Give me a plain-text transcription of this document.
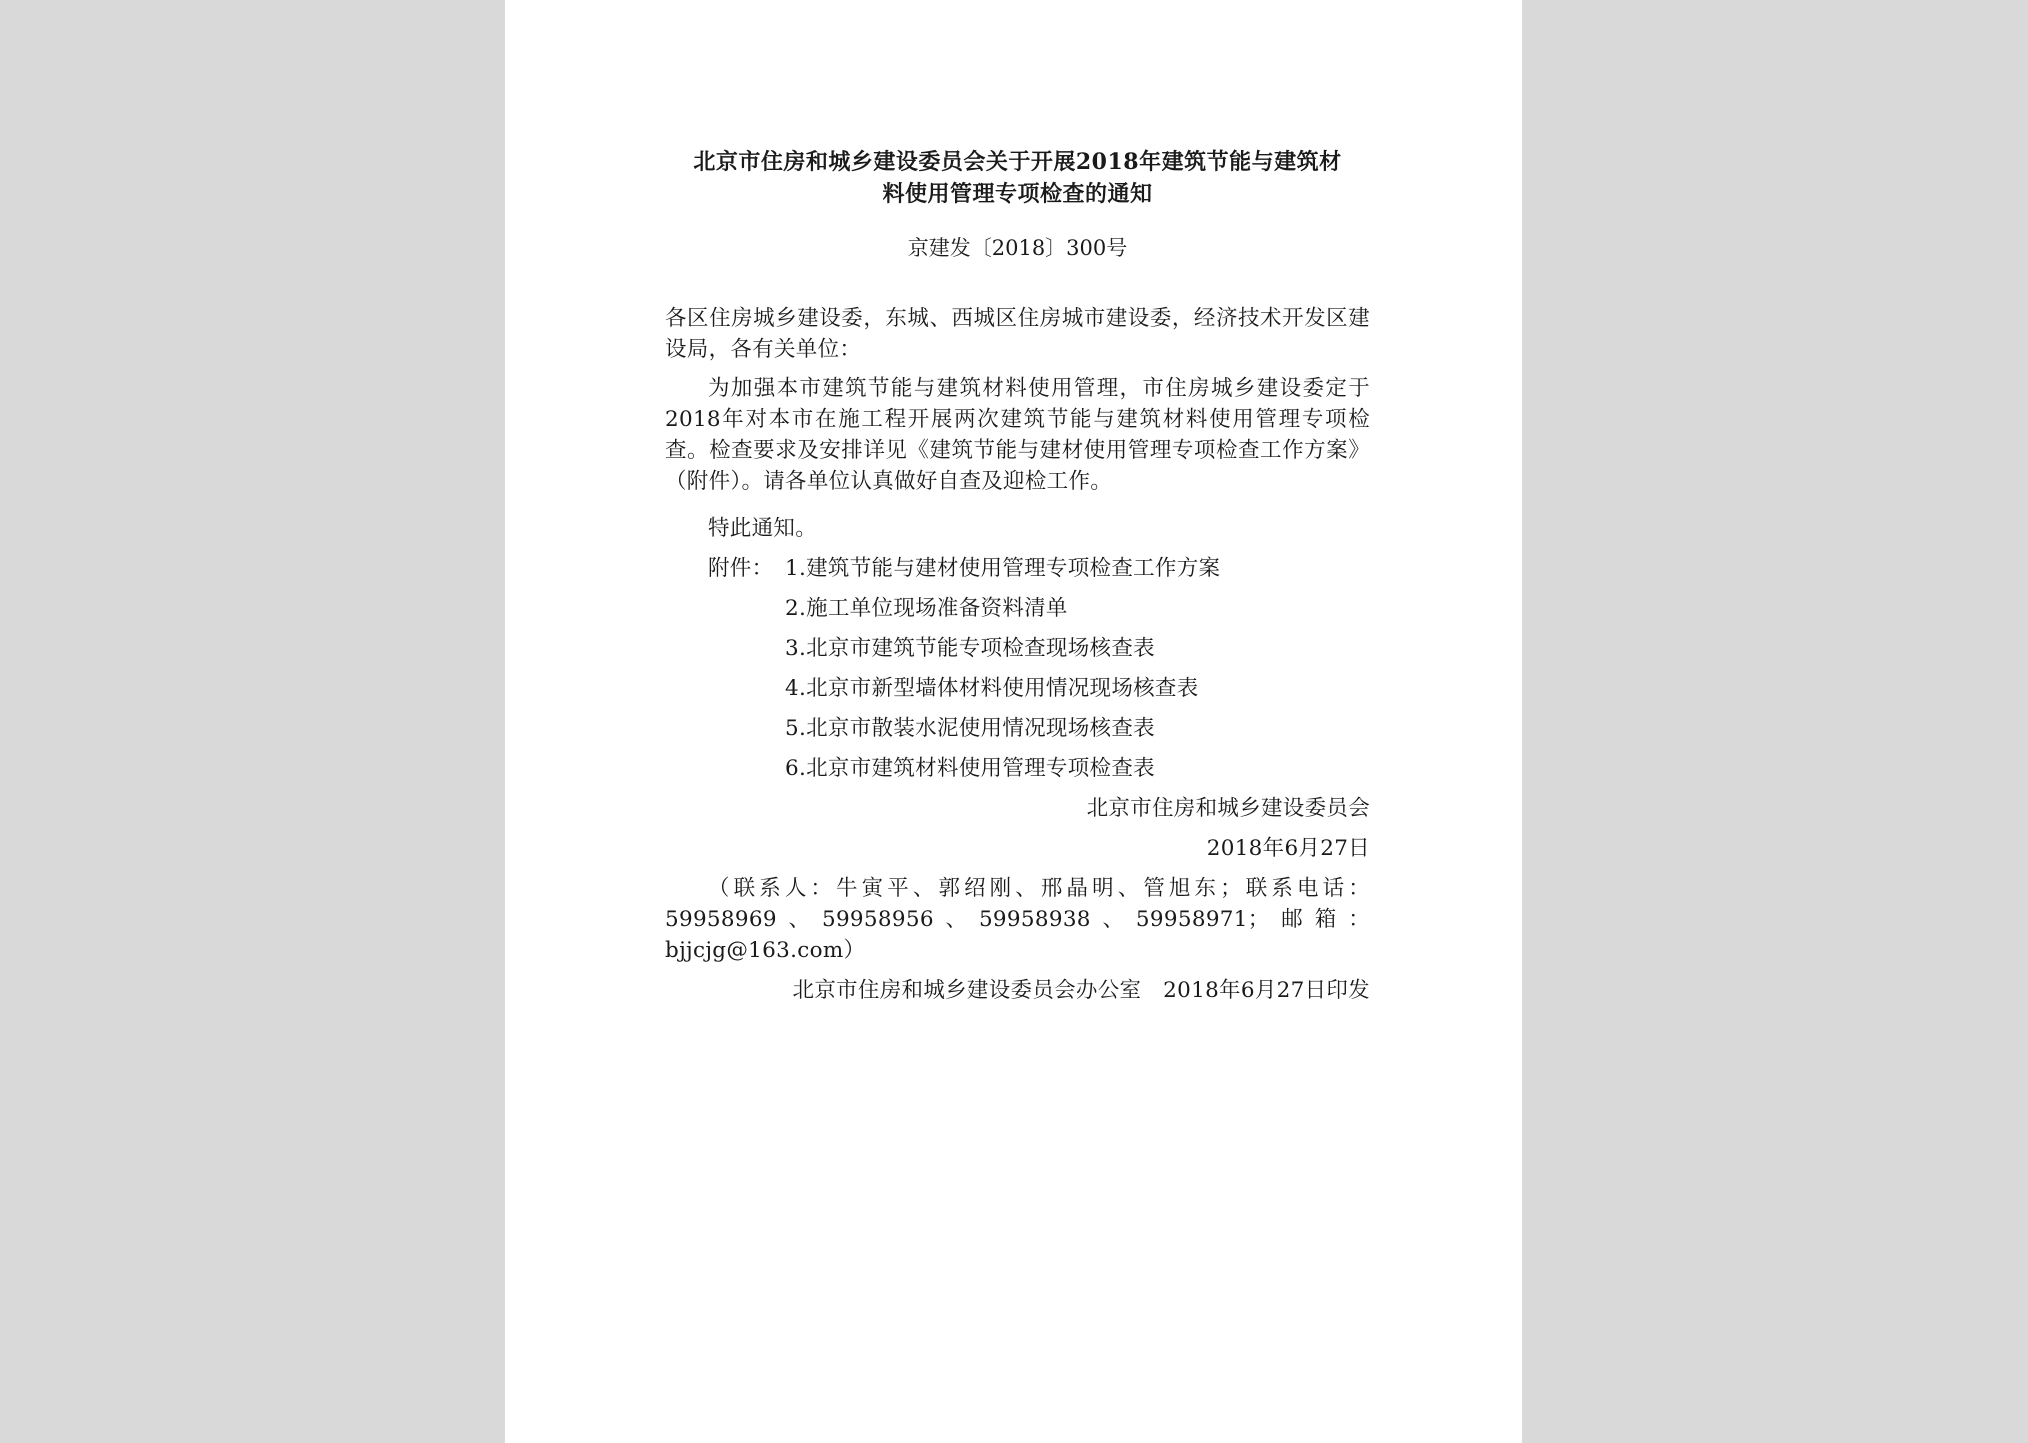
北京市住房和城乡建设委员会关于开展2018年建筑节能与建筑材
料使用管理专项检查的通知
京建发〔2018〕300号
各区住房城乡建设委，东城、西城区住房城市建设委，经济技术开发区建设局，各有关单位：
为加强本市建筑节能与建筑材料使用管理，市住房城乡建设委定于2018年对本市在施工程开展两次建筑节能与建筑材料使用管理专项检查。检查要求及安排详见《建筑节能与建材使用管理专项检查工作方案》（附件）。请各单位认真做好自查及迎检工作。
特此通知。
附件： 1.建筑节能与建材使用管理专项检查工作方案
2.施工单位现场准备资料清单
3.北京市建筑节能专项检查现场核查表
4.北京市新型墙体材料使用情况现场核查表
5.北京市散装水泥使用情况现场核查表
6.北京市建筑材料使用管理专项检查表
北京市住房和城乡建设委员会
2018年6月27日
（联系人：牛寅平、郭绍刚、邢晶明、管旭东；联系电话：59958969、59958956、59958938、59958971；邮箱：bjjcjg@163.com）
北京市住房和城乡建设委员会办公室　2018年6月27日印发
